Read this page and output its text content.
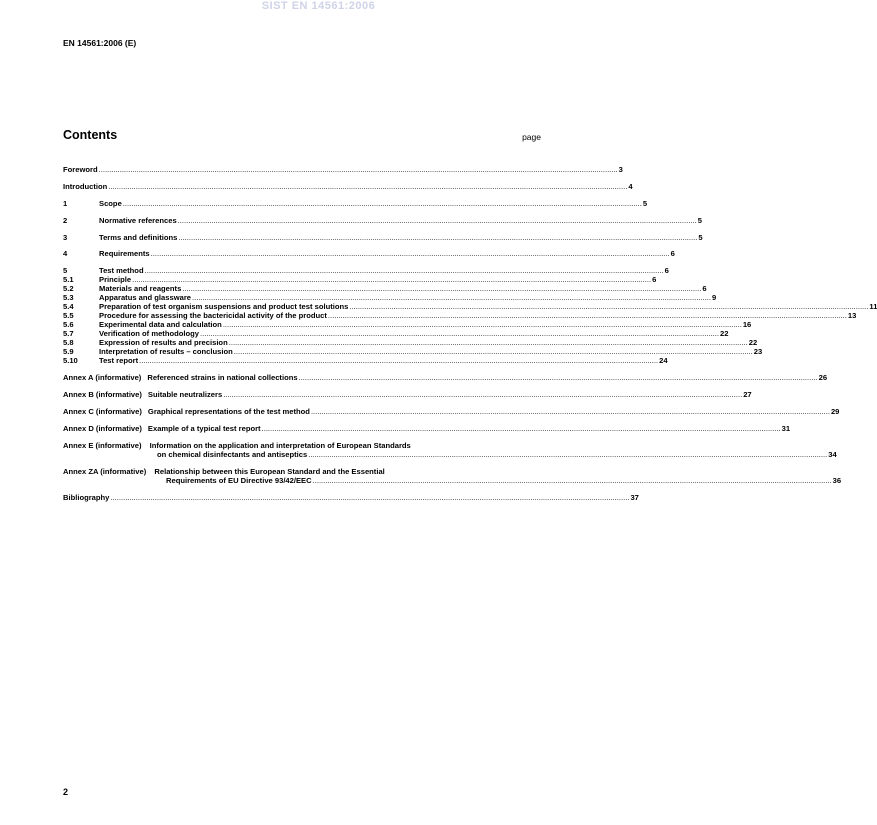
SIST EN 14561:2006
EN 14561:2006 (E)
Contents	page
Foreword .....	3
Introduction .....	4
1	Scope .....	5
2	Normative references .....	5
3	Terms and definitions .....	5
4	Requirements .....	6
5	Test method .....	6
5.1	Principle .....	6
5.2	Materials and reagents .....	6
5.3	Apparatus and glassware .....	9
5.4	Preparation of test organism suspensions and product test solutions .....	11
5.5	Procedure for assessing the bactericidal activity of the product .....	13
5.6	Experimental data and calculation .....	16
5.7	Verification of methodology .....	22
5.8	Expression of results and precision .....	22
5.9	Interpretation of results – conclusion .....	23
5.10	Test report .....	24
Annex A (informative) Referenced strains in national collections .....	26
Annex B (informative) Suitable neutralizers .....	27
Annex C (informative) Graphical representations of the test method .....	29
Annex D (informative) Example of a typical test report .....	31
Annex E (informative) Information on the application and interpretation of European Standards
on chemical disinfectants and antiseptics .....	34
Annex ZA (informative) Relationship between this European Standard and the Essential
Requirements of EU Directive 93/42/EEC .....	36
Bibliography .....	37
2
